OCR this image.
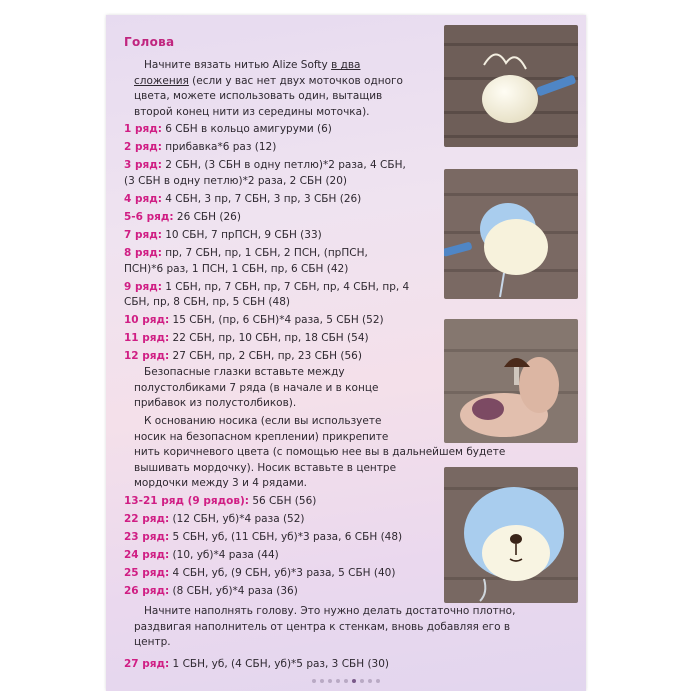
Голова
Начните вязать нитью Alize Softy в два
сложения (если у вас нет двух моточков одного
цвета, можете использовать один, вытащив
второй конец нити из середины моточка).
1 ряд: 6 СБН в кольцо амигуруми (6)
2 ряд: прибавка*6 раз (12)
3 ряд: 2 СБН, (3 СБН в одну петлю)*2 раза, 4 СБН,
(3 СБН в одну петлю)*2 раза, 2 СБН (20)
4 ряд: 4 СБН, 3 пр, 7 СБН, 3 пр, 3 СБН (26)
5-6 ряд: 26 СБН (26)
7 ряд: 10 СБН, 7 прПСН, 9 СБН (33)
8 ряд: пр, 7 СБН, пр, 1 СБН, 2 ПСН, (прПСН,
ПСН)*6 раз, 1 ПСН, 1 СБН, пр, 6 СБН (42)
9 ряд: 1 СБН, пр, 7 СБН, пр, 7 СБН, пр, 4 СБН, пр, 4
СБН, пр, 8 СБН, пр, 5 СБН (48)
10 ряд: 15 СБН, (пр, 6 СБН)*4 раза, 5 СБН (52)
11 ряд: 22 СБН, пр, 10 СБН, пр, 18 СБН (54)
12 ряд: 27 СБН, пр, 2 СБН, пр, 23 СБН (56)
Безопасные глазки вставьте между
полустолбиками 7 ряда (в начале и в конце
прибавок из полустолбиков).
К основанию носика (если вы используете
носик на безопасном креплении) прикрепите
нить коричневого цвета (с помощью нее вы в дальнейшем будете
вышивать мордочку). Носик вставьте в центре
мордочки между 3 и 4 рядами.
13-21 ряд (9 рядов): 56 СБН (56)
22 ряд: (12 СБН, уб)*4 раза (52)
23 ряд: 5 СБН, уб, (11 СБН, уб)*3 раза, 6 СБН (48)
24 ряд: (10, уб)*4 раза (44)
25 ряд: 4 СБН, уб, (9 СБН, уб)*3 раза, 5 СБН (40)
26 ряд: (8 СБН, уб)*4 раза (36)
Начните наполнять голову. Это нужно делать достаточно плотно,
раздвигая наполнитель от центра к стенкам, вновь добавляя его в
центр.
27 ряд: 1 СБН, уб, (4 СБН, уб)*5 раз, 3 СБН (30)
